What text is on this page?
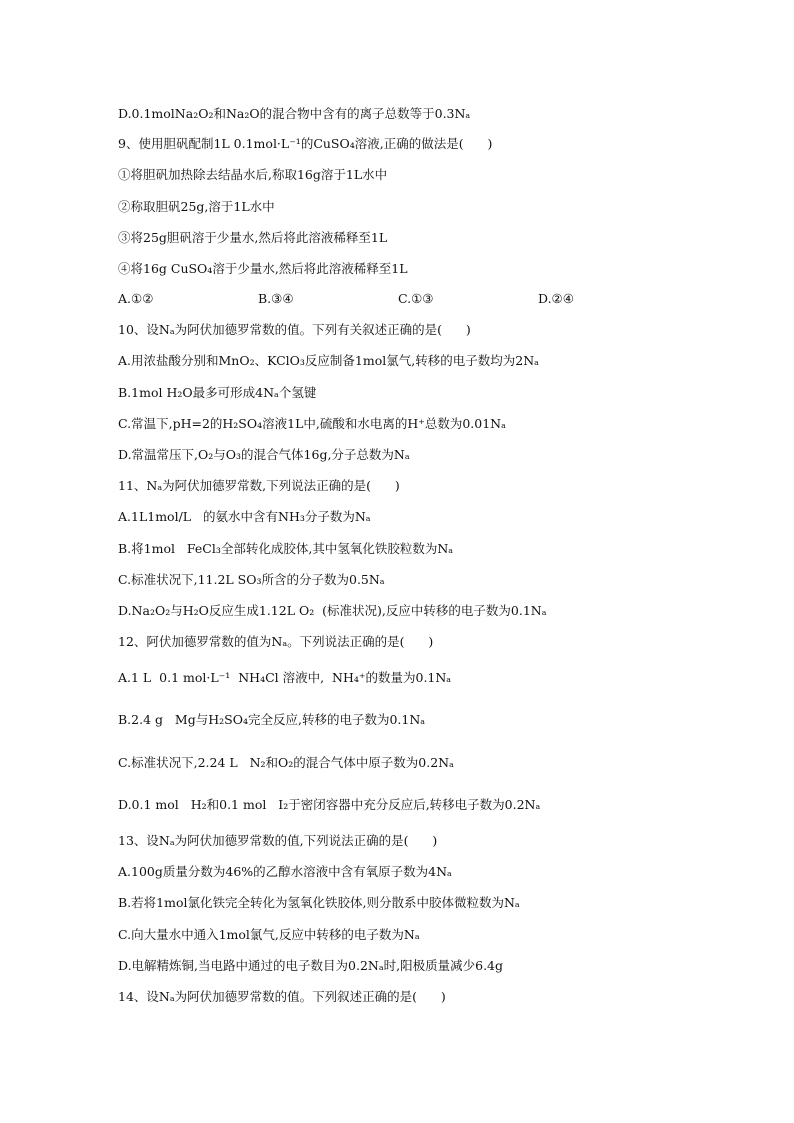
D.0.1molNa₂O₂和Na₂O的混合物中含有的离子总数等于0.3Nₐ
9、使用胆矾配制1L 0.1mol·L⁻¹的CuSO₄溶液,正确的做法是(      )
①将胆矾加热除去结晶水后,称取16g溶于1L水中
②称取胆矾25g,溶于1L水中
③将25g胆矾溶于少量水,然后将此溶液稀释至1L
④将16g CuSO₄溶于少量水,然后将此溶液稀释至1L
A.①②	B.③④	C.①③	D.②④
10、设Nₐ为阿伏加德罗常数的值。下列有关叙述正确的是(      )
A.用浓盐酸分别和MnO₂、KClO₃反应制备1mol氯气,转移的电子数均为2Nₐ
B.1mol H₂O最多可形成4Nₐ个氢键
C.常温下,pH=2的H₂SO₄溶液1L中,硫酸和水电离的H⁺总数为0.01Nₐ
D.常温常压下,O₂与O₃的混合气体16g,分子总数为Nₐ
11、Nₐ为阿伏加德罗常数,下列说法正确的是(      )
A.1L1mol/L   的氨水中含有NH₃分子数为Nₐ
B.将1mol   FeCl₃全部转化成胶体,其中氢氧化铁胶粒数为Nₐ
C.标准状况下,11.2L SO₃所含的分子数为0.5Nₐ
D.Na₂O₂与H₂O反应生成1.12L O₂  (标准状况),反应中转移的电子数为0.1Nₐ
12、阿伏加德罗常数的值为Nₐ。下列说法正确的是(      )
A.1 L  0.1 mol·L⁻¹  NH₄Cl 溶液中,  NH₄⁺的数量为0.1Nₐ
B.2.4 g   Mg与H₂SO₄完全反应,转移的电子数为0.1Nₐ
C.标准状况下,2.24 L   N₂和O₂的混合气体中原子数为0.2Nₐ
D.0.1 mol   H₂和0.1 mol   I₂于密闭容器中充分反应后,转移电子数为0.2Nₐ
13、设Nₐ为阿伏加德罗常数的值,下列说法正确的是(      )
A.100g质量分数为46%的乙醇水溶液中含有氧原子数为4Nₐ
B.若将1mol氯化铁完全转化为氢氧化铁胶体,则分散系中胶体微粒数为Nₐ
C.向大量水中通入1mol氯气,反应中转移的电子数为Nₐ
D.电解精炼铜,当电路中通过的电子数目为0.2Nₐ时,阳极质量减少6.4g
14、设Nₐ为阿伏加德罗常数的值。下列叙述正确的是(      )
